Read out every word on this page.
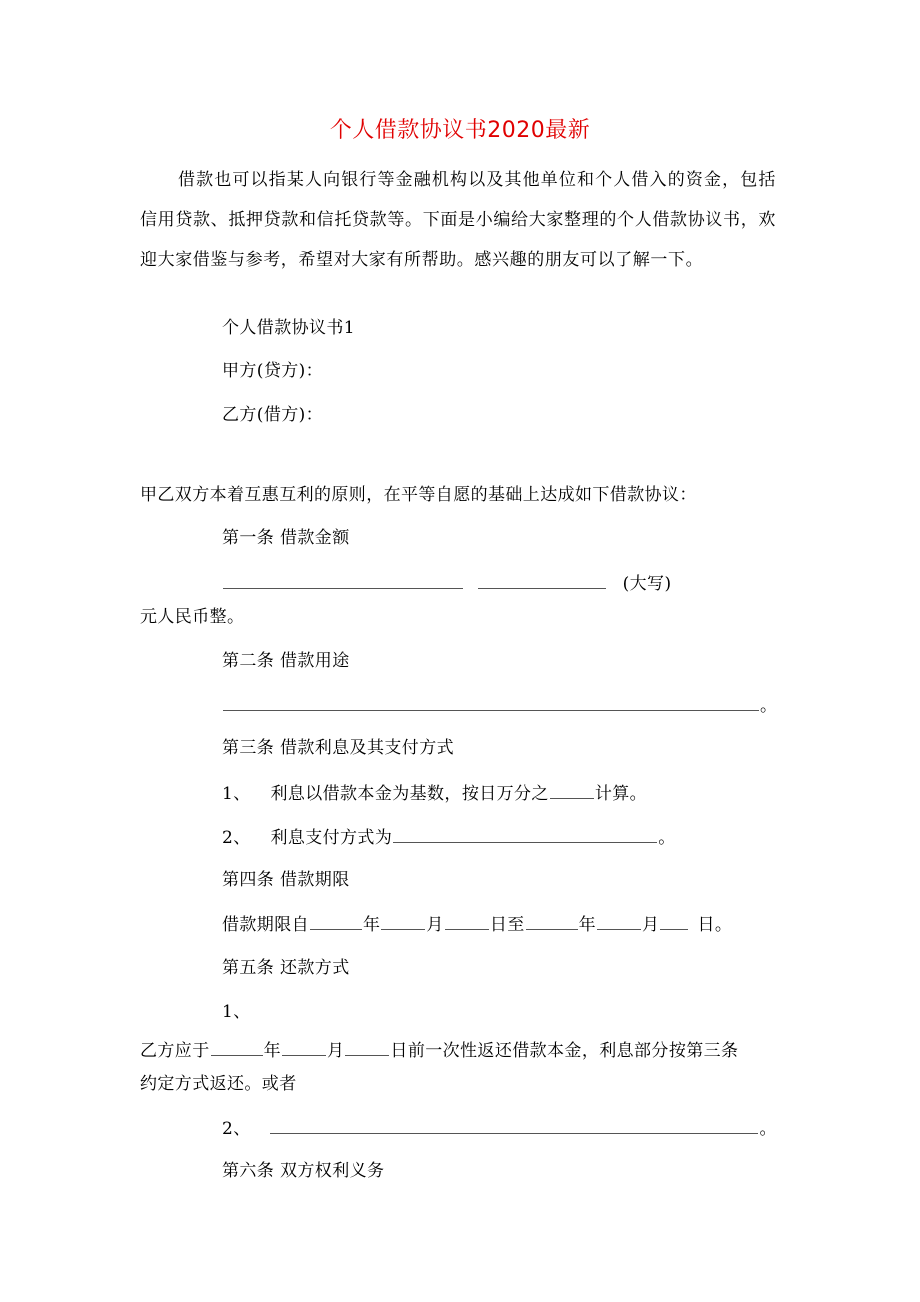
个人借款协议书2020最新
借款也可以指某人向银行等金融机构以及其他单位和个人借入的资金，包括信用贷款、抵押贷款和信托贷款等。下面是小编给大家整理的个人借款协议书，欢迎大家借鉴与参考，希望对大家有所帮助。感兴趣的朋友可以了解一下。
个人借款协议书1
甲方(贷方)：
乙方(借方)：
甲乙双方本着互惠互利的原则，在平等自愿的基础上达成如下借款协议：
第一条 借款金额
(大写)
元人民币整。
第二条 借款用途
。
第三条 借款利息及其支付方式
1、 利息以借款本金为基数，按日万分之	计算。
2、 利息支付方式为	。
第四条 借款期限
借款期限自	年	月	日至	年	月 日。
第五条 还款方式
1、
乙方应于	年	月	日前一次性返还借款本金，利息部分按第三条
约定方式返还。或者
2、	。
第六条 双方权利义务
